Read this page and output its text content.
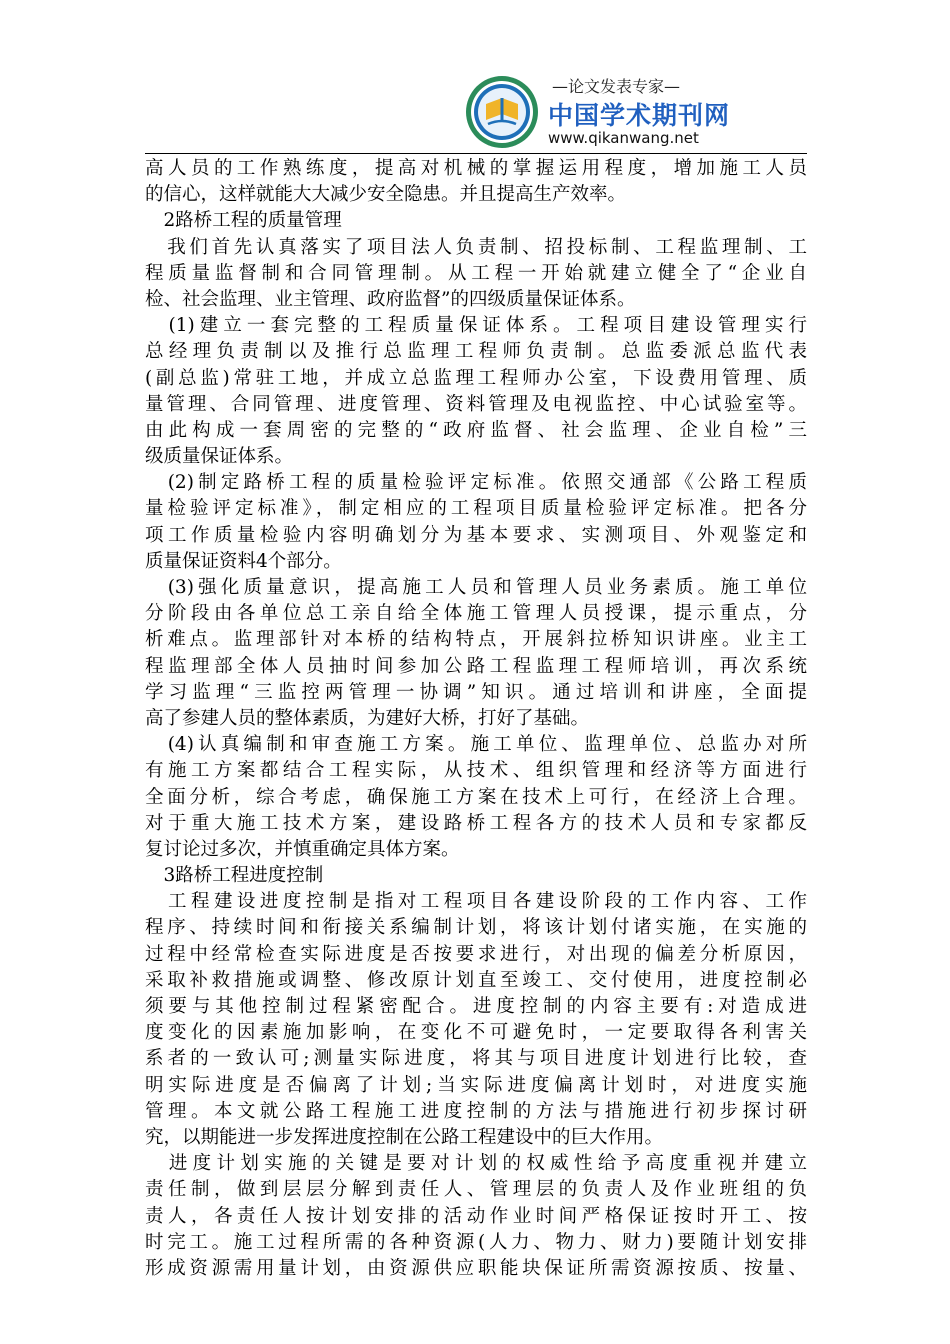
—论文发表专家—
中国学术期刊网
www.qikanwang.net
高人员的工作熟练度，提高对机械的掌握运用程度，增加施工人员
的信心，这样就能大大减少安全隐患。并且提高生产效率。
　2路桥工程的质量管理
　我们首先认真落实了项目法人负责制、招投标制、工程监理制、工
程质量监督制和合同管理制。从工程一开始就建立健全了“企业自
检、社会监理、业主管理、政府监督”的四级质量保证体系。
　(1)建立一套完整的工程质量保证体系。工程项目建设管理实行
总经理负责制以及推行总监理工程师负责制。总监委派总监代表
(副总监)常驻工地，并成立总监理工程师办公室，下设费用管理、质
量管理、合同管理、进度管理、资料管理及电视监控、中心试验室等。
由此构成一套周密的完整的“政府监督、社会监理、企业自检”三
级质量保证体系。
　(2)制定路桥工程的质量检验评定标准。依照交通部《公路工程质
量检验评定标准》，制定相应的工程项目质量检验评定标准。把各分
项工作质量检验内容明确划分为基本要求、实测项目、外观鉴定和
质量保证资料4个部分。
　(3)强化质量意识，提高施工人员和管理人员业务素质。施工单位
分阶段由各单位总工亲自给全体施工管理人员授课，提示重点，分
析难点。监理部针对本桥的结构特点，开展斜拉桥知识讲座。业主工
程监理部全体人员抽时间参加公路工程监理工程师培训，再次系统
学习监理“三监控两管理一协调”知识。通过培训和讲座，全面提
高了参建人员的整体素质，为建好大桥，打好了基础。
　(4)认真编制和审查施工方案。施工单位、监理单位、总监办对所
有施工方案都结合工程实际，从技术、组织管理和经济等方面进行
全面分析，综合考虑，确保施工方案在技术上可行，在经济上合理。
对于重大施工技术方案，建设路桥工程各方的技术人员和专家都反
复讨论过多次，并慎重确定具体方案。
　3路桥工程进度控制
　工程建设进度控制是指对工程项目各建设阶段的工作内容、工作
程序、持续时间和衔接关系编制计划，将该计划付诸实施，在实施的
过程中经常检查实际进度是否按要求进行，对出现的偏差分析原因，
采取补救措施或调整、修改原计划直至竣工、交付使用，进度控制必
须要与其他控制过程紧密配合。进度控制的内容主要有:对造成进
度变化的因素施加影响，在变化不可避免时，一定要取得各利害关
系者的一致认可;测量实际进度，将其与项目进度计划进行比较，查
明实际进度是否偏离了计划;当实际进度偏离计划时，对进度实施
管理。本文就公路工程施工进度控制的方法与措施进行初步探讨研
究，以期能进一步发挥进度控制在公路工程建设中的巨大作用。
　进度计划实施的关键是要对计划的权威性给予高度重视并建立
责任制，做到层层分解到责任人、管理层的负责人及作业班组的负
责人，各责任人按计划安排的活动作业时间严格保证按时开工、按
时完工。施工过程所需的各种资源(人力、物力、财力)要随计划安排
形成资源需用量计划，由资源供应职能块保证所需资源按质、按量、
